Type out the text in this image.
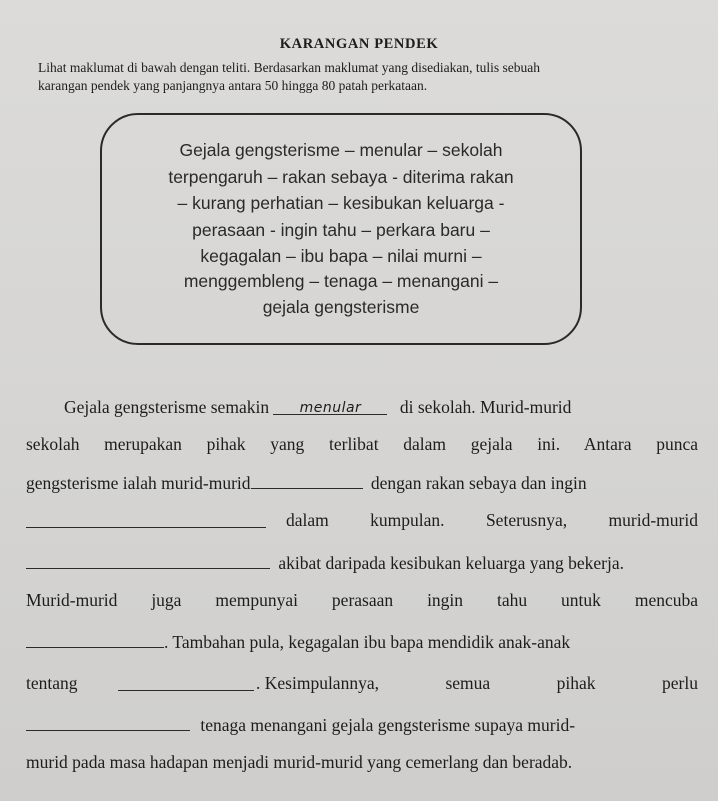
KARANGAN PENDEK
Lihat maklumat di bawah dengan teliti. Berdasarkan maklumat yang disediakan, tulis sebuah
karangan pendek yang panjangnya antara 50 hingga 80 patah perkataan.
Gejala gengsterisme – menular – sekolah
terpengaruh – rakan sebaya - diterima rakan
– kurang perhatian – kesibukan keluarga -
perasaan - ingin tahu – perkara baru –
kegagalan – ibu bapa – nilai murni –
menggembleng – tenaga – menangani –
gejala gengsterisme
Gejala gengsterisme semakin menular di sekolah. Murid-murid
sekolah merupakan pihak yang terlibat dalam gejala ini. Antara punca
gengsterisme ialah murid-murid	dengan rakan sebaya dan ingin
dalam kumpulan. Seterusnya, murid-murid
akibat daripada kesibukan keluarga yang bekerja.
Murid-murid juga mempunyai perasaan ingin tahu untuk mencuba
. Tambahan pula, kegagalan ibu bapa mendidik anak-anak
tentang	. Kesimpulannya,	semua	pihak	perlu
tenaga menangani gejala gengsterisme supaya murid-
murid pada masa hadapan menjadi murid-murid yang cemerlang dan beradab.
